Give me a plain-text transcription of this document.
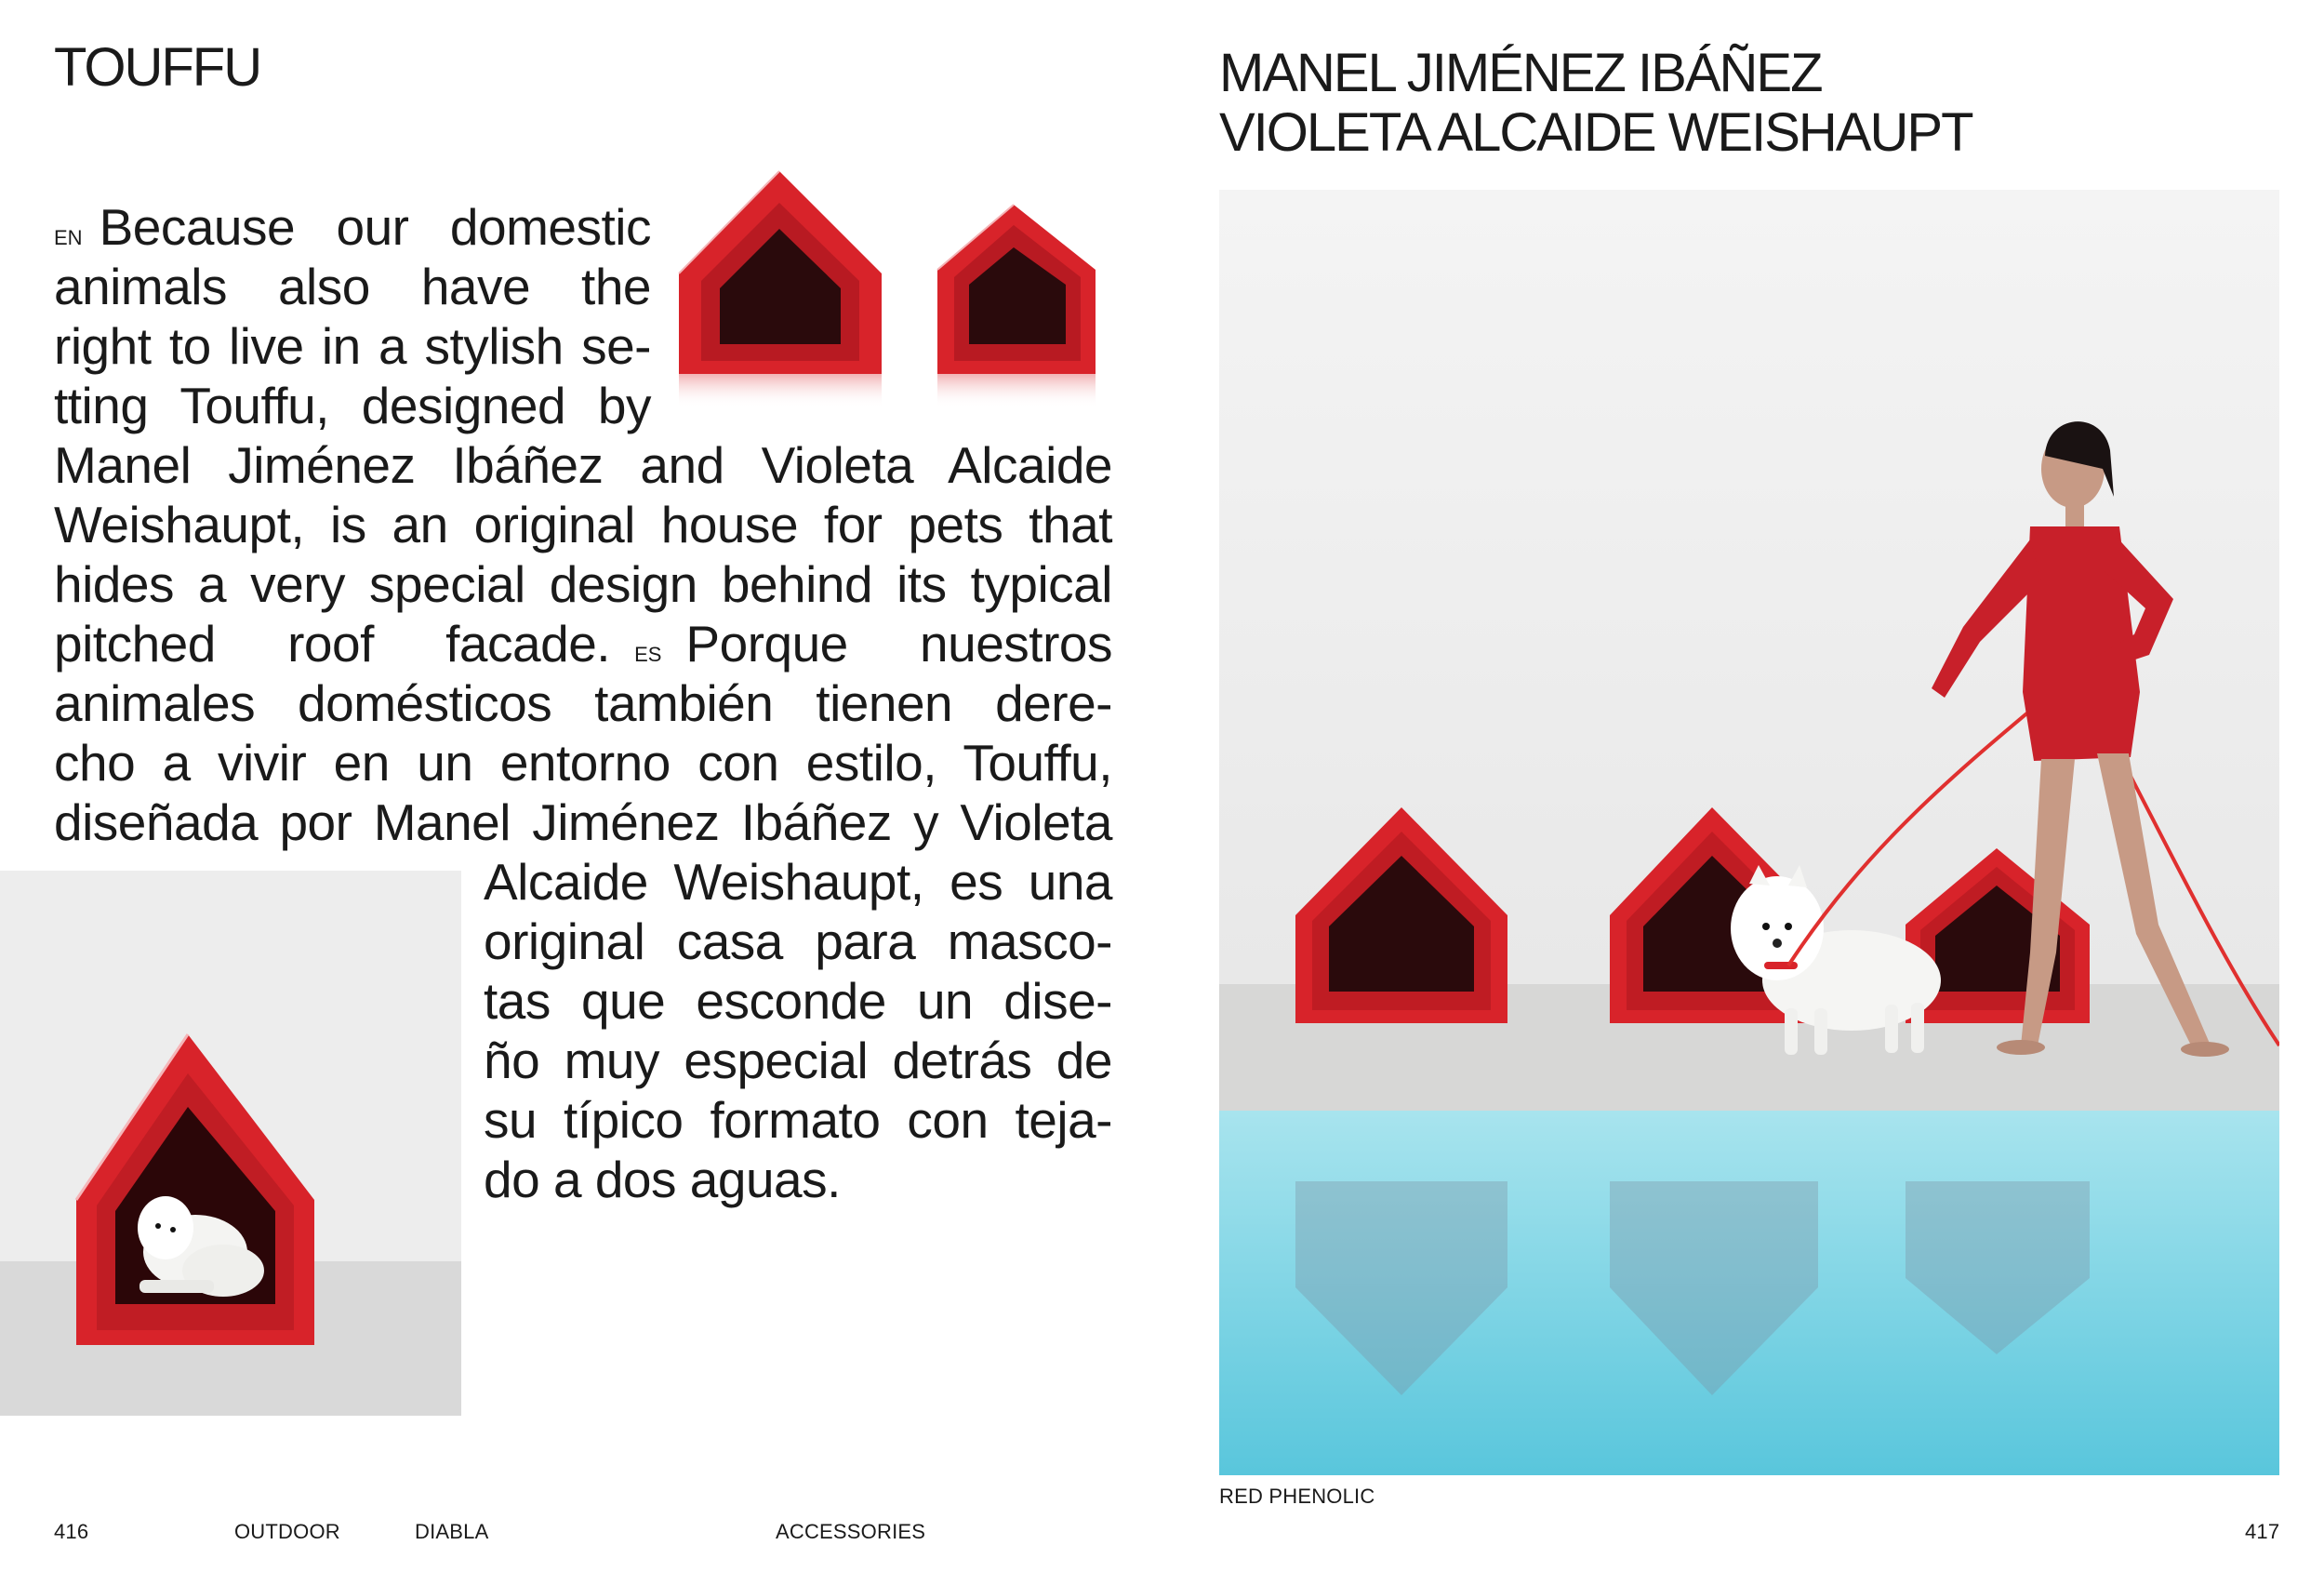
TOUFFU
EN Because our domestic
animals also have the
right to live in a stylish se-
tting Touffu, designed by
Manel Jiménez Ibáñez and Violeta Alcaide
Weishaupt, is an original house for pets that
hides a very special design behind its typical
pitched roof facade. ES Porque nuestros
animales domésticos también tienen dere-
cho a vivir en un entorno con estilo, Touffu,
diseñada por Manel Jiménez Ibáñez y Violeta
Alcaide Weishaupt, es una
original casa para masco-
tas que esconde un dise-
ño muy especial detrás de
su típico formato con teja-
do a dos aguas.
MANEL JIMÉNEZ IBÁÑEZ
VIOLETA ALCAIDE WEISHAUPT
RED PHENOLIC
416	OUTDOOR	DIABLA	ACCESSORIES	417
